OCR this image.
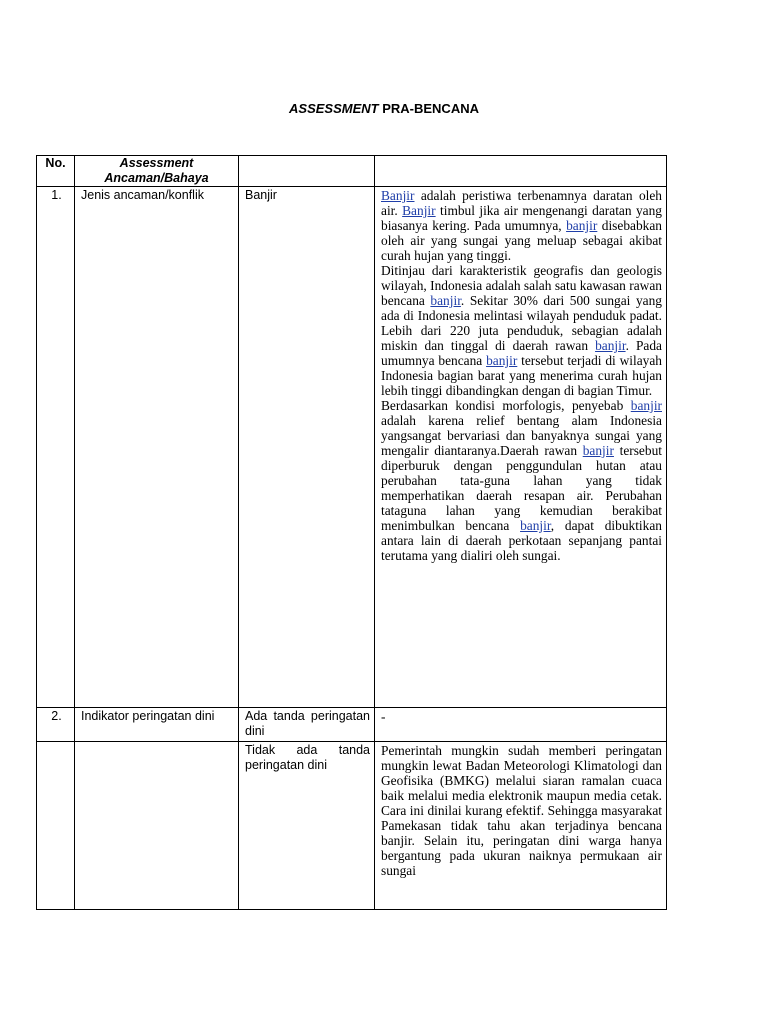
ASSESSMENT PRA-BENCANA
No.	Assessment Ancaman/Bahaya		
1.	Jenis ancaman/konflik	Banjir	Banjir adalah peristiwa terbenamnya daratan oleh air. Banjir timbul jika air mengenangi daratan yang biasanya kering. Pada umumnya, banjir disebabkan oleh air yang sungai yang meluap sebagai akibat curah hujan yang tinggi.
Ditinjau dari karakteristik geografis dan geologis wilayah, Indonesia adalah salah satu kawasan rawan bencana banjir. Sekitar 30% dari 500 sungai yang ada di Indonesia melintasi wilayah penduduk padat. Lebih dari 220 juta penduduk, sebagian adalah miskin dan tinggal di daerah rawan banjir. Pada umumnya bencana banjir tersebut terjadi di wilayah Indonesia bagian barat yang menerima curah hujan lebih tinggi dibandingkan dengan di bagian Timur.
Berdasarkan kondisi morfologis, penyebab banjir adalah karena relief bentang alam Indonesia yangsangat bervariasi dan banyaknya sungai yang mengalir diantaranya.Daerah rawan banjir tersebut diperburuk dengan penggundulan hutan atau perubahan tata-guna lahan yang tidak memperhatikan daerah resapan air. Perubahan tataguna lahan yang kemudian berakibat menimbulkan bencana banjir, dapat dibuktikan antara lain di daerah perkotaan sepanjang pantai terutama yang dialiri oleh sungai.

2.	Indikator peringatan dini	Ada tanda peringatan dini	-
		Tidak ada tanda peringatan dini	Pemerintah mungkin sudah memberi peringatan mungkin lewat Badan Meteorologi Klimatologi dan Geofisika (BMKG) melalui siaran ramalan cuaca baik melalui media elektronik maupun media cetak. Cara ini dinilai kurang efektif. Sehingga masyarakat Pamekasan tidak tahu akan terjadinya bencana banjir. Selain itu, peringatan dini warga hanya bergantung pada ukuran naiknya permukaan air sungai
